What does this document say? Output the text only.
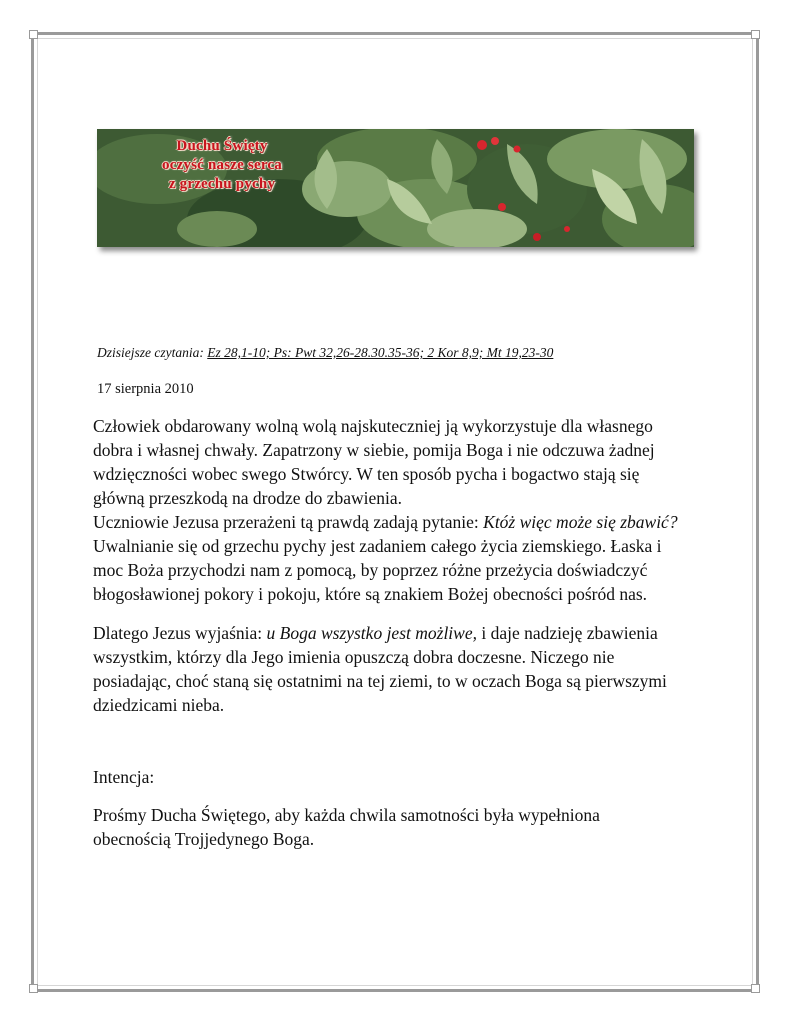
Duchu Święty
oczyść nasze serca
z grzechu pychy
Dzisiejsze czytania: Ez 28,1-10; Ps: Pwt 32,26-28.30.35-36; 2 Kor 8,9; Mt 19,23-30
17 sierpnia 2010
Człowiek obdarowany wolną wolą najskuteczniej ją wykorzystuje dla własnego
dobra i własnej chwały. Zapatrzony w siebie, pomija Boga i nie odczuwa żadnej
wdzięczności wobec swego Stwórcy. W ten sposób pycha i bogactwo stają się
główną przeszkodą na drodze do zbawienia.
Uczniowie Jezusa przerażeni tą prawdą zadają pytanie: Któż więc może się zbawić?
Uwalnianie się od grzechu pychy jest zadaniem całego życia ziemskiego. Łaska i
moc Boża przychodzi nam z pomocą, by poprzez różne przeżycia doświadczyć
błogosławionej pokory i pokoju, które są znakiem Bożej obecności pośród nas.
Dlatego Jezus wyjaśnia: u Boga wszystko jest możliwe, i daje nadzieję zbawienia
wszystkim, którzy dla Jego imienia opuszczą dobra doczesne. Niczego nie
posiadając, choć staną się ostatnimi na tej ziemi, to w oczach Boga są pierwszymi
dziedzicami nieba.
Intencja:
Prośmy Ducha Świętego, aby każda chwila samotności była wypełniona
obecnością Trojjedynego Boga.
